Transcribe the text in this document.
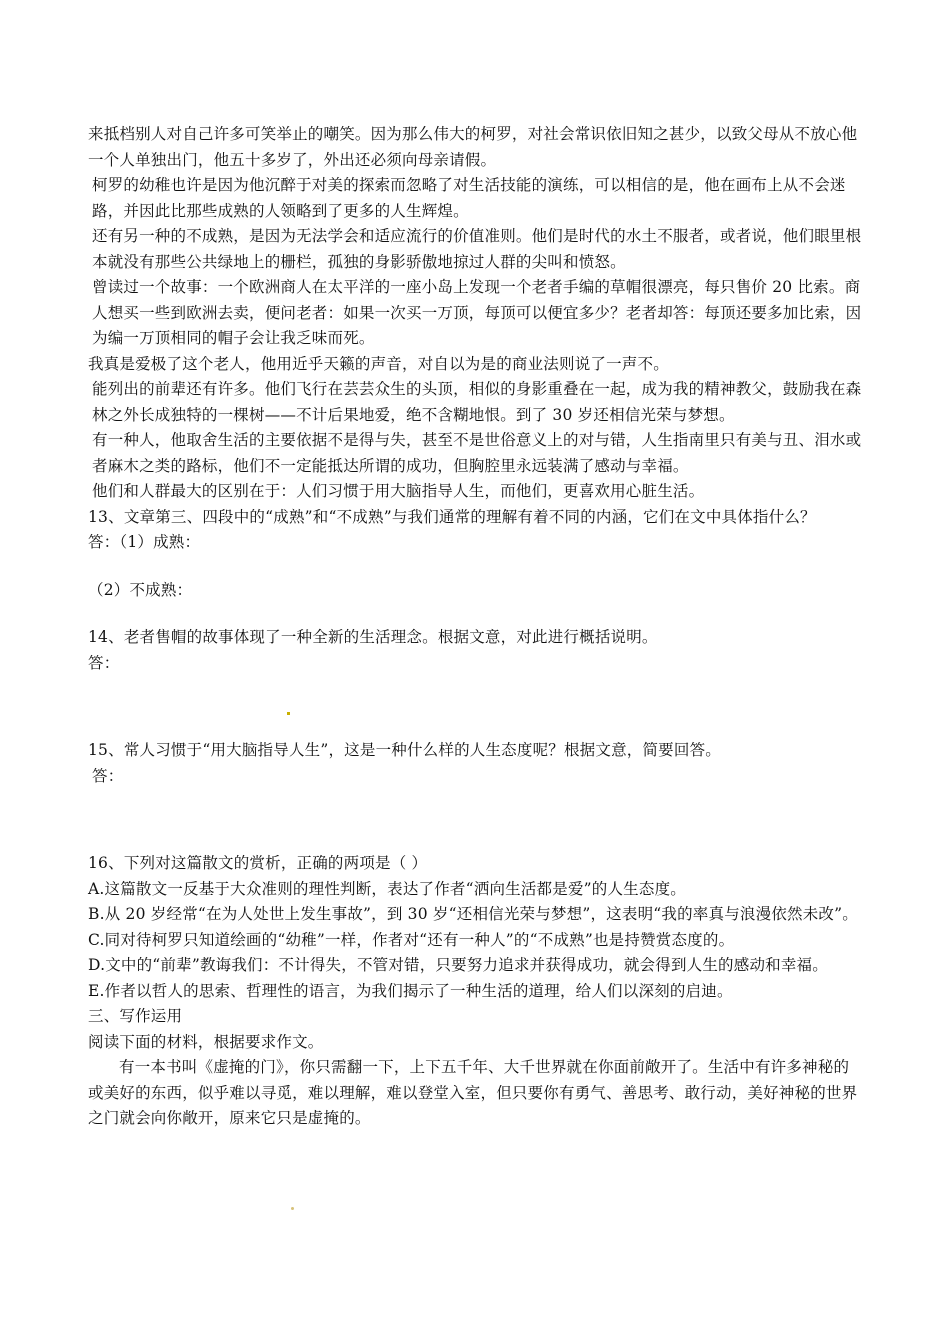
来抵档别人对自己许多可笑举止的嘲笑。因为那么伟大的柯罗，对社会常识依旧知之甚少，以致父母从不放心他一个人单独出门，他五十多岁了，外出还必须向母亲请假。

柯罗的幼稚也许是因为他沉醉于对美的探索而忽略了对生活技能的演练，可以相信的是，他在画布上从不会迷路，并因此比那些成熟的人领略到了更多的人生辉煌。

还有另一种的不成熟，是因为无法学会和适应流行的价值准则。他们是时代的水土不服者，或者说，他们眼里根本就没有那些公共绿地上的栅栏，孤独的身影骄傲地掠过人群的尖叫和愤怒。

曾读过一个故事：一个欧洲商人在太平洋的一座小岛上发现一个老者手编的草帽很漂亮，每只售价 20 比索。商人想买一些到欧洲去卖，便问老者：如果一次买一万顶，每顶可以便宜多少？老者却答：每顶还要多加比索，因为编一万顶相同的帽子会让我乏味而死。

我真是爱极了这个老人，他用近乎天籁的声音，对自以为是的商业法则说了一声不。

能列出的前辈还有许多。他们飞行在芸芸众生的头顶，相似的身影重叠在一起，成为我的精神教父，鼓励我在森林之外长成独特的一棵树——不计后果地爱，绝不含糊地恨。到了 30 岁还相信光荣与梦想。

有一种人，他取舍生活的主要依据不是得与失，甚至不是世俗意义上的对与错，人生指南里只有美与丑、泪水或者麻木之类的路标，他们不一定能抵达所谓的成功，但胸腔里永远装满了感动与幸福。

他们和人群最大的区别在于：人们习惯于用大脑指导人生，而他们，更喜欢用心脏生活。

13、文章第三、四段中的“成熟”和“不成熟”与我们通常的理解有着不同的内涵，它们在文中具体指什么？

答：（1）成熟：

（2）不成熟：

14、老者售帽的故事体现了一种全新的生活理念。根据文意，对此进行概括说明。

答：

15、常人习惯于“用大脑指导人生”，这是一种什么样的人生态度呢？根据文意，简要回答。

答：

16、下列对这篇散文的赏析，正确的两项是（ ）

A.这篇散文一反基于大众准则的理性判断，表达了作者“洒向生活都是爱”的人生态度。

B.从 20 岁经常“在为人处世上发生事故”，到 30 岁“还相信光荣与梦想”，这表明“我的率真与浪漫依然未改”。

C.同对待柯罗只知道绘画的“幼稚”一样，作者对“还有一种人”的“不成熟”也是持赞赏态度的。

D.文中的“前辈”教诲我们：不计得失，不管对错，只要努力追求并获得成功，就会得到人生的感动和幸福。

E.作者以哲人的思索、哲理性的语言，为我们揭示了一种生活的道理，给人们以深刻的启迪。

三、写作运用

阅读下面的材料，根据要求作文。

有一本书叫《虚掩的门》，你只需翻一下，上下五千年、大千世界就在你面前敞开了。生活中有许多神秘的或美好的东西，似乎难以寻觅，难以理解，难以登堂入室，但只要你有勇气、善思考、敢行动，美好神秘的世界之门就会向你敞开，原来它只是虚掩的。
